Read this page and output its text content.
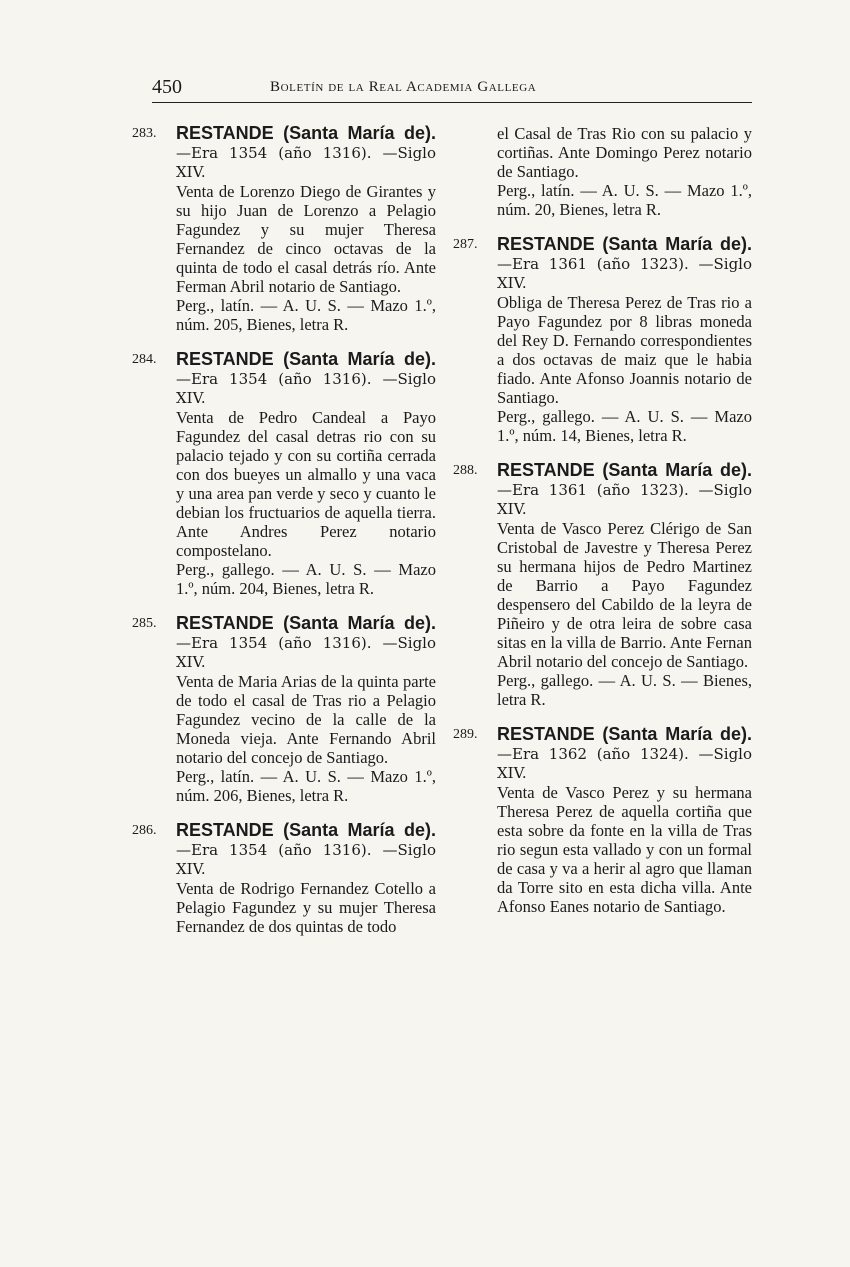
450	Boletín de la Real Academia Gallega
283. RESTANDE (Santa María de).—Era 1354 (año 1316). —Siglo XIV.
Venta de Lorenzo Diego de Girantes y su hijo Juan de Lorenzo a Pelagio Fagundez y su mujer Theresa Fernandez de cinco octavas de la quinta de todo el casal detrás río. Ante Ferman Abril notario de Santiago.
Perg., latín. — A. U. S. — Mazo 1.º, núm. 205, Bienes, letra R.
284. RESTANDE (Santa María de).—Era 1354 (año 1316). —Siglo XIV.
Venta de Pedro Candeal a Payo Fagundez del casal detras rio con su palacio tejado y con su cortiña cerrada con dos bueyes un almallo y una vaca y una area pan verde y seco y cuanto le debian los fructuarios de aquella tierra. Ante Andres Perez notario compostelano.
Perg., gallego. — A. U. S. — Mazo 1.º, núm. 204, Bienes, letra R.
285. RESTANDE (Santa María de).—Era 1354 (año 1316). —Siglo XIV.
Venta de Maria Arias de la quinta parte de todo el casal de Tras rio a Pelagio Fagundez vecino de la calle de la Moneda vieja. Ante Fernando Abril notario del concejo de Santiago.
Perg., latín. — A. U. S. — Mazo 1.º, núm. 206, Bienes, letra R.
286. RESTANDE (Santa María de).—Era 1354 (año 1316). —Siglo XIV.
Venta de Rodrigo Fernandez Cotello a Pelagio Fagundez y su mujer Theresa Fernandez de dos quintas de todo
el Casal de Tras Rio con su palacio y cortiñas. Ante Domingo Perez notario de Santiago.
Perg., latín. — A. U. S. — Mazo 1.º, núm. 20, Bienes, letra R.
287. RESTANDE (Santa María de).—Era 1361 (año 1323). —Siglo XIV.
Obliga de Theresa Perez de Tras rio a Payo Fagundez por 8 libras moneda del Rey D. Fernando correspondientes a dos octavas de maiz que le habia fiado. Ante Afonso Joannis notario de Santiago.
Perg., gallego. — A. U. S. — Mazo 1.º, núm. 14, Bienes, letra R.
288. RESTANDE (Santa María de).—Era 1361 (año 1323). —Siglo XIV.
Venta de Vasco Perez Clérigo de San Cristobal de Javestre y Theresa Perez su hermana hijos de Pedro Martinez de Barrio a Payo Fagundez despensero del Cabildo de la leyra de Piñeiro y de otra leira de sobre casa sitas en la villa de Barrio. Ante Fernan Abril notario del concejo de Santiago.
Perg., gallego. — A. U. S. — Bienes, letra R.
289. RESTANDE (Santa María de).—Era 1362 (año 1324). —Siglo XIV.
Venta de Vasco Perez y su hermana Theresa Perez de aquella cortiña que esta sobre da fonte en la villa de Tras rio segun esta vallado y con un formal de casa y va a herir al agro que llaman da Torre sito en esta dicha villa. Ante Afonso Eanes notario de Santiago.
